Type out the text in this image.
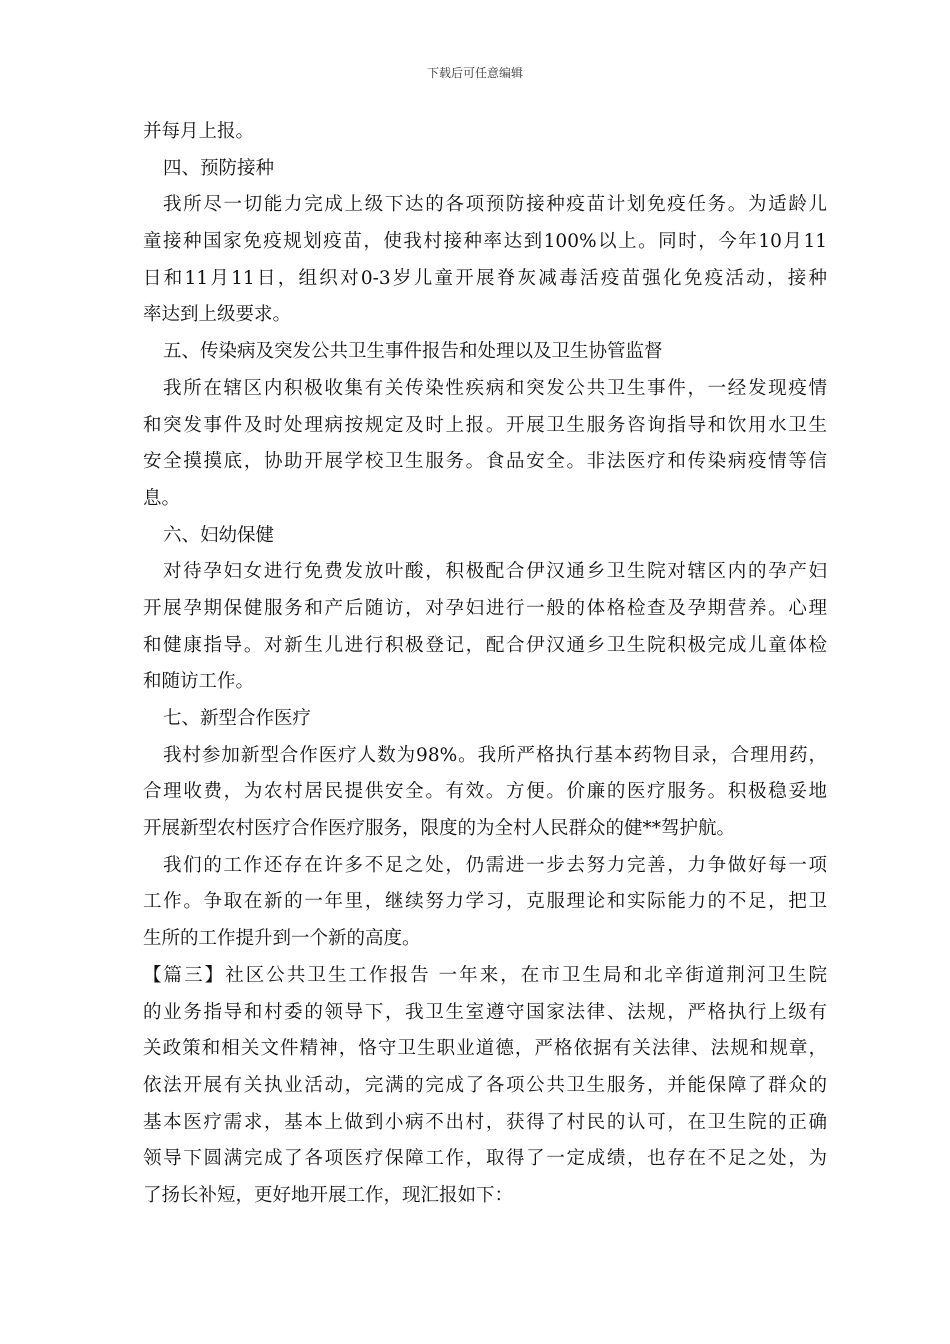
下载后可任意编辑
并每月上报。
四、预防接种
我所尽一切能力完成上级下达的各项预防接种疫苗计划免疫任务。为适龄儿
童接种国家免疫规划疫苗，使我村接种率达到100%以上。同时，今年10月11
日和11月11日，组织对0-3岁儿童开展脊灰减毒活疫苗强化免疫活动，接种
率达到上级要求。
五、传染病及突发公共卫生事件报告和处理以及卫生协管监督
我所在辖区内积极收集有关传染性疾病和突发公共卫生事件，一经发现疫情
和突发事件及时处理病按规定及时上报。开展卫生服务咨询指导和饮用水卫生
安全摸摸底，协助开展学校卫生服务。食品安全。非法医疗和传染病疫情等信
息。
六、妇幼保健
对待孕妇女进行免费发放叶酸，积极配合伊汉通乡卫生院对辖区内的孕产妇
开展孕期保健服务和产后随访，对孕妇进行一般的体格检查及孕期营养。心理
和健康指导。对新生儿进行积极登记，配合伊汉通乡卫生院积极完成儿童体检
和随访工作。
七、新型合作医疗
我村参加新型合作医疗人数为98%。我所严格执行基本药物目录，合理用药，
合理收费，为农村居民提供安全。有效。方便。价廉的医疗服务。积极稳妥地
开展新型农村医疗合作医疗服务，限度的为全村人民群众的健**驾护航。
我们的工作还存在许多不足之处，仍需进一步去努力完善，力争做好每一项
工作。争取在新的一年里，继续努力学习，克服理论和实际能力的不足，把卫
生所的工作提升到一个新的高度。
【篇三】社区公共卫生工作报告 一年来，在市卫生局和北辛街道荆河卫生院
的业务指导和村委的领导下，我卫生室遵守国家法律、法规，严格执行上级有
关政策和相关文件精神，恪守卫生职业道德，严格依据有关法律、法规和规章，
依法开展有关执业活动，完满的完成了各项公共卫生服务，并能保障了群众的
基本医疗需求，基本上做到小病不出村，获得了村民的认可，在卫生院的正确
领导下圆满完成了各项医疗保障工作，取得了一定成绩，也存在不足之处，为
了扬长补短，更好地开展工作，现汇报如下：
